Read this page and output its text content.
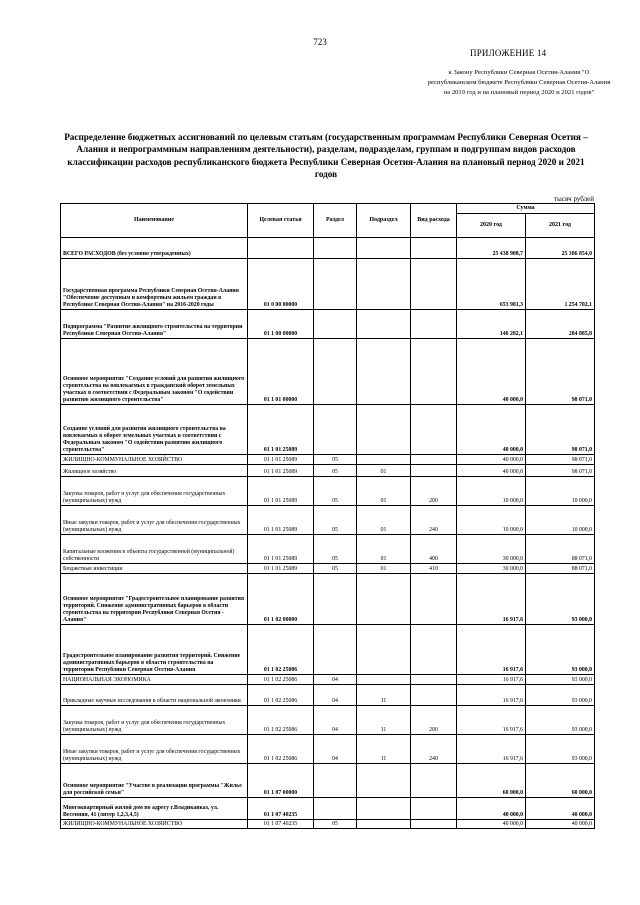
723
ПРИЛОЖЕНИЕ 14
к Закону Республики Северная Осетия-Алания "О республиканском бюджете Республики Северная Осетия-Алания на 2019 год и на плановый период 2020 и 2021 годов"
Распределение бюджетных ассигнований по целевым статьям (государственным программам Республики Северная Осетия – Алания и непрограммным направлениям деятельности), разделам, подразделам, группам и подгруппам видов расходов классификации расходов республиканского бюджета Республики Северная Осетия-Алания на плановый период 2020 и 2021 годов
тысяч рублей
Наименование	Целевая статья	Раздел	Подраздел	Вид расхода	Сумма	
					2020 год	2021 год
ВСЕГО РАСХОДОВ (без условно утвержденных)					25 438 908,7	25 386 854,0
Государственная программа Республики Северная Осетия-Алания "Обеспечение доступным и комфортным жильем граждан в Республике Северная Осетия-Алания" на 2016-2020 годы	01 0 00 00000				653 981,3	1 254 702,1
Подпрограмма "Развитие жилищного строительства на территории Республики Северная Осетия-Алания"	01 1 00 00000				146 282,1	284 885,8
Основное мероприятие "Создание условий для развития жилищного строительства на вовлекаемых в гражданский оборот земельных участках в соответствии с Федеральным законом "О содействии развитию жилищного строительства"	01 1 01 00000				40 000,0	98 071,0
Создание условий для развития жилищного строительства на вовлекаемых в оборот земельных участках в соответствии с Федеральным законом "О содействии развитию жилищного строительства"	01 1 01 25089				40 000,0	98 071,0
ЖИЛИЩНО-КОММУНАЛЬНОЕ ХОЗЯЙСТВО	01 1 01 25089	05			40 000,0	98 071,0
Жилищное хозяйство	01 1 01 25089	05	01		40 000,0	98 071,0
Закупка товаров, работ и услуг для обеспечения государственных (муниципальных) нужд	01 1 01 25089	05	01	200	10 000,0	10 000,0
Иные закупки товаров, работ и услуг для обеспечения государственных (муниципальных) нужд	01 1 01 25089	05	01	240	10 000,0	10 000,0
Капитальные вложения в объекты государственной (муниципальной) собственности	01 1 01 25089	05	01	400	30 000,0	88 071,0
Бюджетные инвестиции	01 1 01 25089	05	01	410	30 000,0	88 071,0
Основное мероприятие "Градостроительное планирование развития территорий. Снижение административных барьеров в области строительства на территории Республики Северная Осетия - Алания"	01 1 02 00000				16 917,6	93 000,0
Градостроительное планирование развития территорий. Снижение административных барьеров в области строительства на территории Республики Северная Осетия-Алания	01 1 02 25086				16 917,6	93 000,0
НАЦИОНАЛЬНАЯ ЭКОНОМИКА	01 1 02 25086	04			16 917,6	93 000,0
Прикладные научные исследования в области национальной экономики	01 1 02 25086	04	11		16 917,6	93 000,0
Закупка товаров, работ и услуг для обеспечения государственных (муниципальных) нужд	01 1 02 25086	04	11	200	16 917,6	93 000,0
Иные закупки товаров, работ и услуг для обеспечения государственных (муниципальных) нужд	01 1 02 25086	04	11	240	16 917,6	93 000,0
Основное мероприятие "Участие в реализации программы "Жилье для российской семьи"	01 1 07 00000				60 000,0	60 000,0
Многоквартирный жилой дом по адресу г.Владикавказ, ул. Весенняя, 41 (литер 1,2,3,4,5)	01 1 07 40235				40 000,0	40 000,0
ЖИЛИЩНО-КОММУНАЛЬНОЕ ХОЗЯЙСТВО	01 1 07 40235	05			40 000,0	40 000,0
